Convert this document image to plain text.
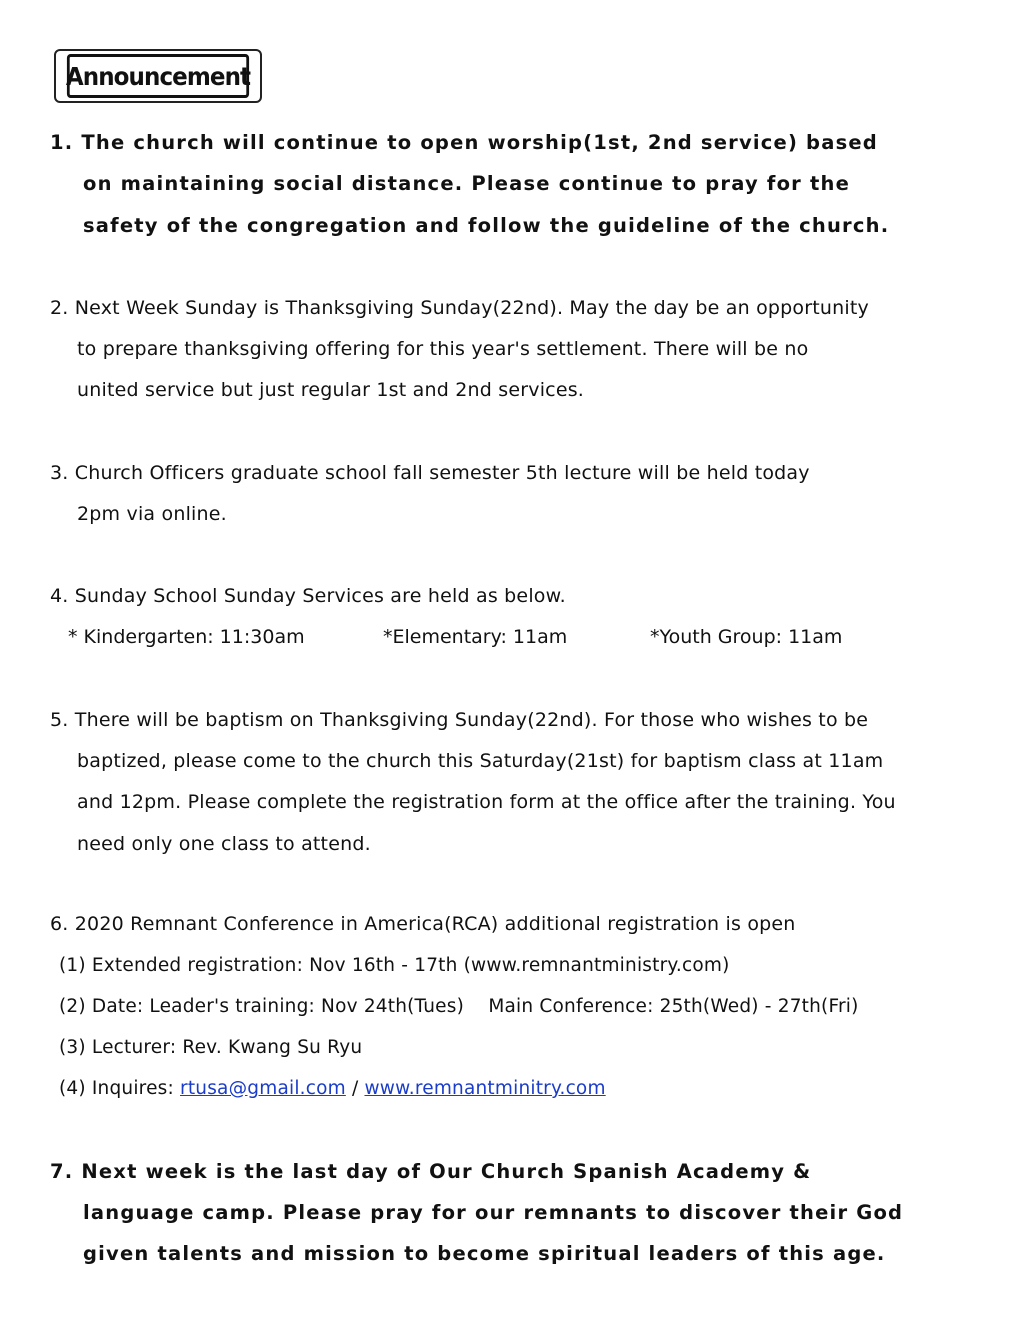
Announcement
1. The church will continue to open worship(1st, 2nd service) based
on maintaining social distance. Please continue to pray for the
safety of the congregation and follow the guideline of the church.
2. Next Week Sunday is Thanksgiving Sunday(22nd). May the day be an opportunity
to prepare thanksgiving offering for this year's settlement. There will be no
united service but just regular 1st and 2nd services.
3. Church Officers graduate school fall semester 5th lecture will be held today
2pm via online.
4. Sunday School Sunday Services are held as below.
* Kindergarten: 11:30am	*Elementary: 11am	*Youth Group: 11am
5. There will be baptism on Thanksgiving Sunday(22nd). For those who wishes to be
baptized, please come to the church this Saturday(21st) for baptism class at 11am
and 12pm. Please complete the registration form at the office after the training. You
need only one class to attend.
6. 2020 Remnant Conference in America(RCA) additional registration is open
(1) Extended registration: Nov 16th - 17th (www.remnantministry.com)
(2) Date: Leader's training: Nov 24th(Tues)    Main Conference: 25th(Wed) - 27th(Fri)
(3) Lecturer: Rev. Kwang Su Ryu
(4) Inquires: rtusa@gmail.com / www.remnantminitry.com
7. Next week is the last day of Our Church Spanish Academy &
language camp. Please pray for our remnants to discover their God
given talents and mission to become spiritual leaders of this age.
